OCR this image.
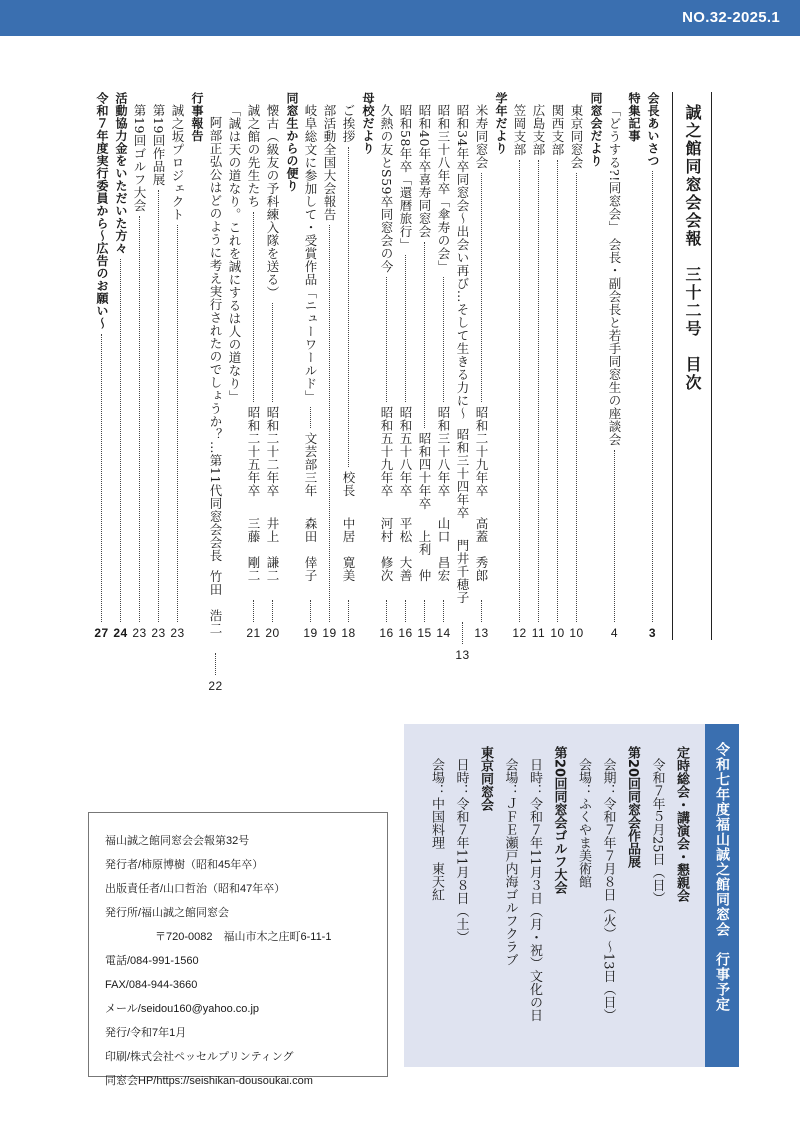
NO.32-2025.1
誠之館同窓会会報　三十二号　目次
会長あいさつ
3
特集記事
「どうする?!同窓会」 会長・副会長と若手同窓生の座談会
4
同窓会だより
東京同窓会
10
関西支部
10
広島支部
11
笠岡支部
12
学年だより
米寿同窓会
昭和二十九年卒
高蓋　秀郎
13
昭和34年卒同窓会～出会い再び…そして生きる力に～
昭和三十四年卒
門井千穂子
13
昭和三十八年卒「傘寿の会」
昭和三十八年卒
山口　昌宏
14
昭和40年卒喜寿同窓会
昭和四十年卒
上利　仲
15
昭和58年卒「還暦旅行」
昭和五十八年卒
平松　大善
16
久熱の友とS59卒同窓会の今
昭和五十九年卒
河村　修次
16
母校だより
ご挨拶
校長
中居　寛美
18
部活動全国大会報告
19
岐阜総文に参加して・受賞作品「ニューワールド」
文芸部三年
森田　倖子
19
同窓生からの便り
懐古（級友の予科練入隊を送る）
昭和二十二年卒
井上　謙二
20
誠之館の先生たち
昭和二十五年卒
三藤　剛二
21
「誠は天の道なり。これを誠にするは人の道なり」
阿部正弘公はどのように考え実行されたのでしょうか？…第11代同窓会会長
竹田　浩二
22
行事報告
誠之坂プロジェクト
23
第19回作品展
23
第19回ゴルフ大会
23
活動協力金をいただいた方々
24
令和７年度実行委員から～広告のお願い～
27
令和七年度福山誠之館同窓会　行事予定
定時総会・講演会・懇親会
令和７年５月25日（日）
第20回同窓会作品展
会期：令和７年７月８日（火）～13日（日）
会場：ふくやま美術館
第20回同窓会ゴルフ大会
日時：令和７年11月３日（月・祝）文化の日
会場：ＪＦＥ瀬戸内海ゴルフクラブ
東京同窓会
日時：令和７年11月８日（土）
会場：中国料理　東天紅
福山誠之館同窓会会報第32号
発行者/柿原博樹（昭和45年卒）
出版責任者/山口哲治（昭和47年卒）
発行所/福山誠之館同窓会
〒720-0082　福山市木之庄町6-11-1
電話/084-991-1560
FAX/084-944-3660
メール/seidou160@yahoo.co.jp
発行/令和7年1月
印刷/株式会社ペッセルプリンティング
同窓会HP/https://seishikan-dousoukai.com
